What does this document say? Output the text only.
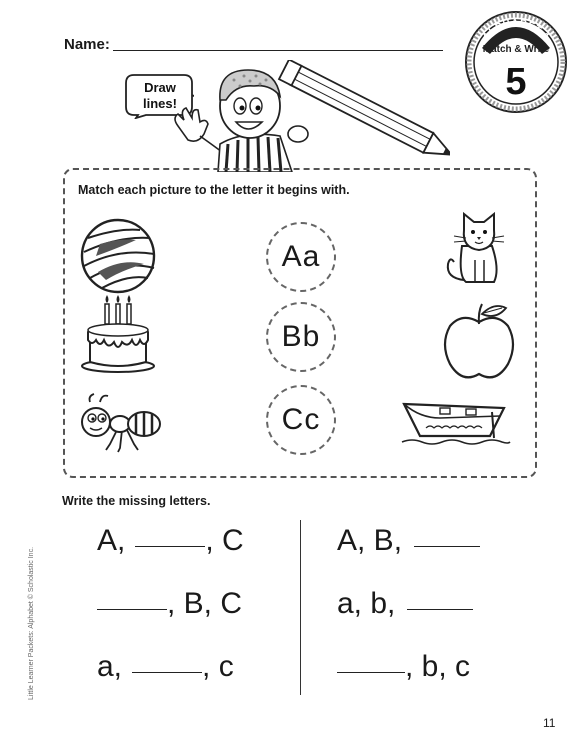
Name:	ALPHABET-1
Match & Write
5
Draw
lines!
Match each picture to the letter it begins with.
Aa
Bb
Cc
Write the missing letters.
A,	, C
, B, C
a,	, c
A, B,
a, b,
, b, c
Little Learner Packets: Alphabet © Scholastic Inc.
11
